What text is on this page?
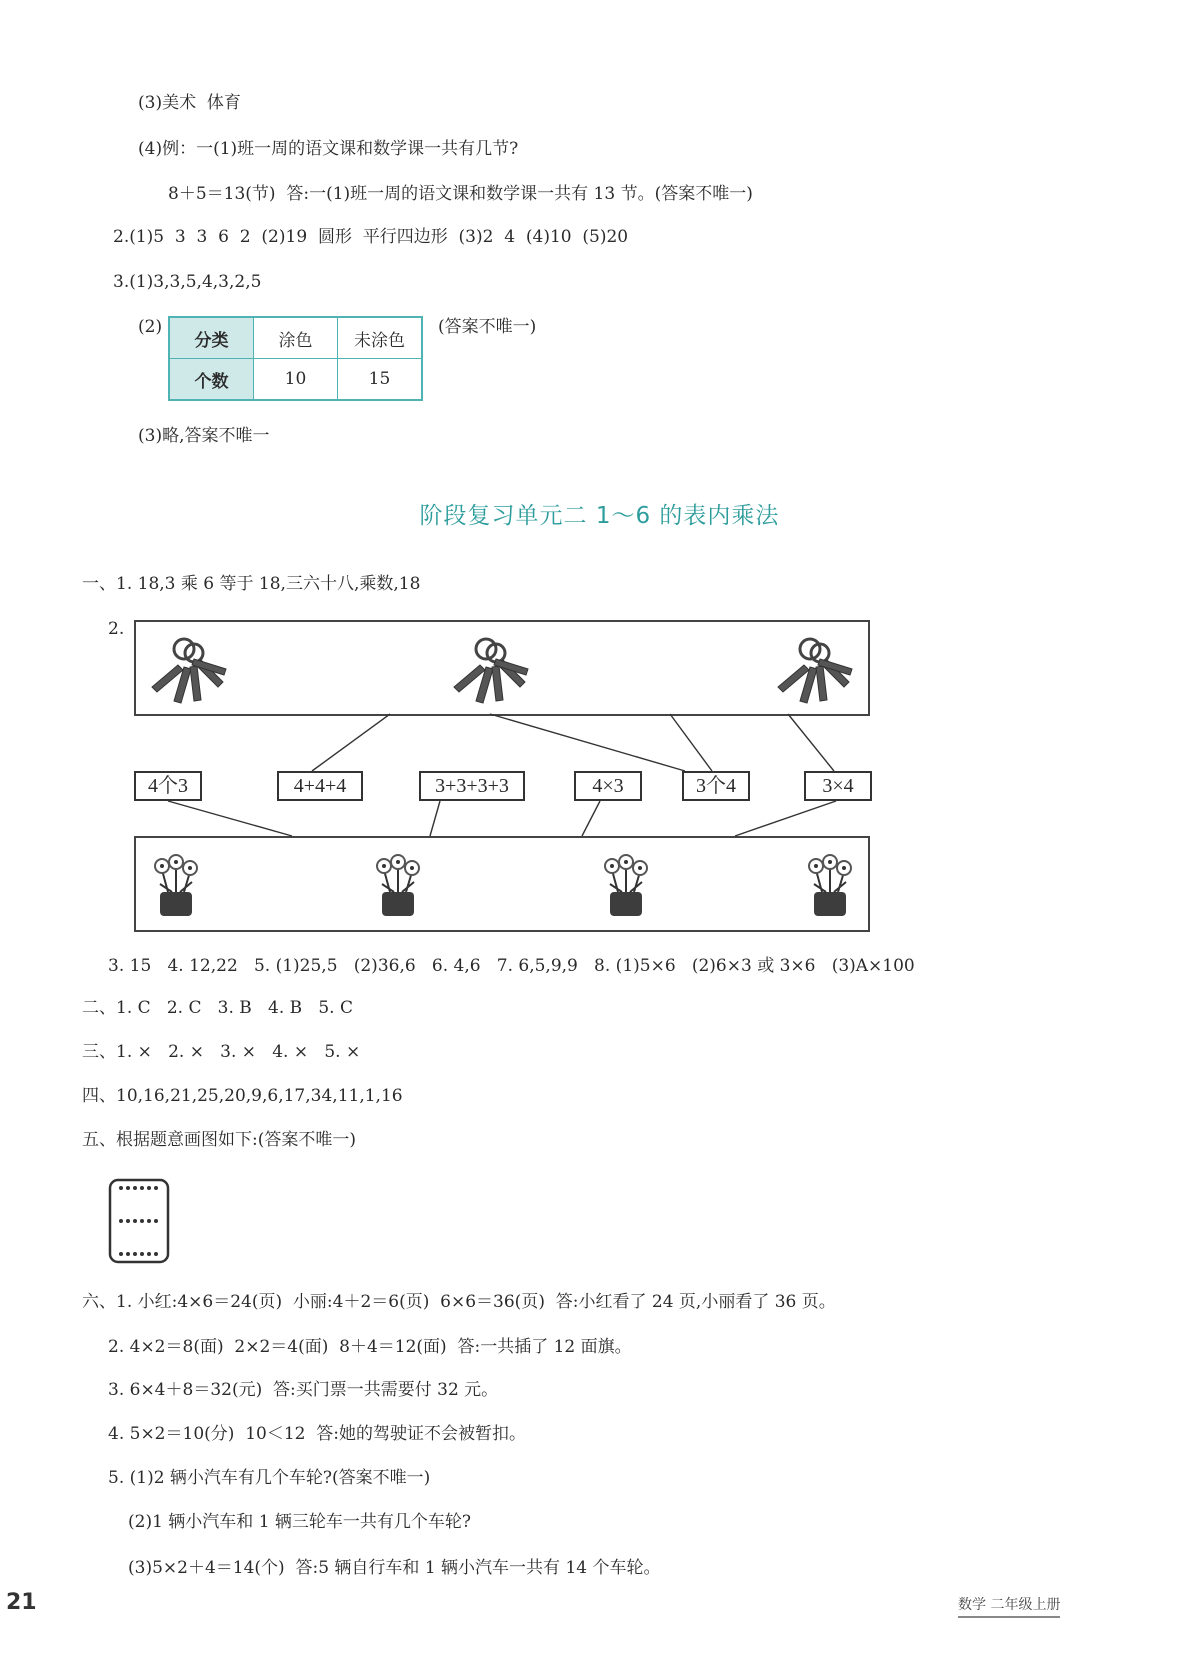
(3)美术  体育
(4)例：一(1)班一周的语文课和数学课一共有几节?
8＋5＝13(节)  答:一(1)班一周的语文课和数学课一共有 13 节。(答案不唯一)
2.(1)5  3  3  6  2  (2)19  圆形  平行四边形  (3)2  4  (4)10  (5)20
3.(1)3,3,5,4,3,2,5
(2)
分类	涂色	未涂色
个数	10	15
(答案不唯一)
(3)略,答案不唯一
阶段复习单元二 1～6 的表内乘法
一、1. 18,3 乘 6 等于 18,三六十八,乘数,18
2.
4个3	4+4+4	3+3+3+3	4×3	3个4	3×4
3. 15   4. 12,22   5. (1)25,5   (2)36,6   6. 4,6   7. 6,5,9,9   8. (1)5×6   (2)6×3 或 3×6   (3)A×100
二、1. C   2. C   3. B   4. B   5. C
三、1. ×   2. ×   3. ×   4. ×   5. ×
四、10,16,21,25,20,9,6,17,34,11,1,16
五、根据题意画图如下:(答案不唯一)
六、1. 小红:4×6＝24(页)  小丽:4＋2＝6(页)  6×6＝36(页)  答:小红看了 24 页,小丽看了 36 页。
2. 4×2＝8(面)  2×2＝4(面)  8＋4＝12(面)  答:一共插了 12 面旗。
3. 6×4＋8＝32(元)  答:买门票一共需要付 32 元。
4. 5×2＝10(分)  10＜12  答:她的驾驶证不会被暂扣。
5. (1)2 辆小汽车有几个车轮?(答案不唯一)
(2)1 辆小汽车和 1 辆三轮车一共有几个车轮?
(3)5×2＋4＝14(个)  答:5 辆自行车和 1 辆小汽车一共有 14 个车轮。
21	数学 二年级上册
